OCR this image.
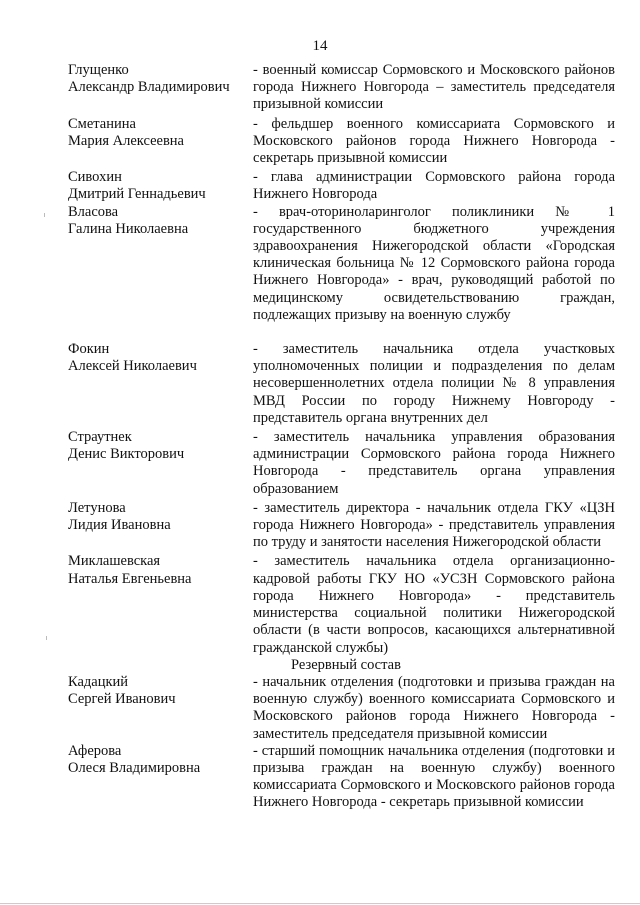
14
Глущенко
Александр Владимирович
- военный комиссар Сормовского и Московского районов города Нижнего Новгорода – заместитель председателя призывной комиссии
Сметанина
Мария Алексеевна
- фельдшер военного комиссариата Сормовского и Московского районов города Нижнего Новгорода - секретарь призывной комиссии
Сивохин
Дмитрий Геннадьевич
- глава администрации Сормовского района города Нижнего Новгорода
Власова
Галина Николаевна
- врач-оториноларинголог поликлиники № 1 государственного бюджетного учреждения здравоохранения Нижегородской области «Городская клиническая больница № 12 Сормовского района города Нижнего Новгорода» - врач, руководящий работой по медицинскому освидетельствованию граждан, подлежащих призыву на военную службу
Фокин
Алексей Николаевич
- заместитель начальника отдела участковых уполномоченных полиции и подразделения по делам несовершеннолетних отдела полиции № 8 управления МВД России по городу Нижнему Новгороду - представитель органа внутренних дел
Страутнек
Денис Викторович
- заместитель начальника управления образования администрации Сормовского района города Нижнего Новгорода - представитель органа управления образованием
Летунова
Лидия Ивановна
- заместитель директора - начальник отдела ГКУ «ЦЗН города Нижнего Новгорода» - представитель управления по труду и занятости населения Нижегородской области
Миклашевская
Наталья Евгеньевна
- заместитель начальника отдела организационно-кадровой работы ГКУ НО «УСЗН Сормовского района города Нижнего Новгорода» - представитель министерства социальной политики Нижегородской области (в части вопросов, касающихся альтернативной гражданской службы)
Резервный состав
Кадацкий
Сергей Иванович
- начальник отделения (подготовки и призыва граждан на военную службу) военного комиссариата Сормовского и Московского районов города Нижнего Новгорода - заместитель председателя призывной комиссии
Аферова
Олеся Владимировна
- старший помощник начальника отделения (подготовки и призыва граждан на военную службу) военного комиссариата Сормовского и Московского районов города Нижнего Новгорода - секретарь призывной комиссии
